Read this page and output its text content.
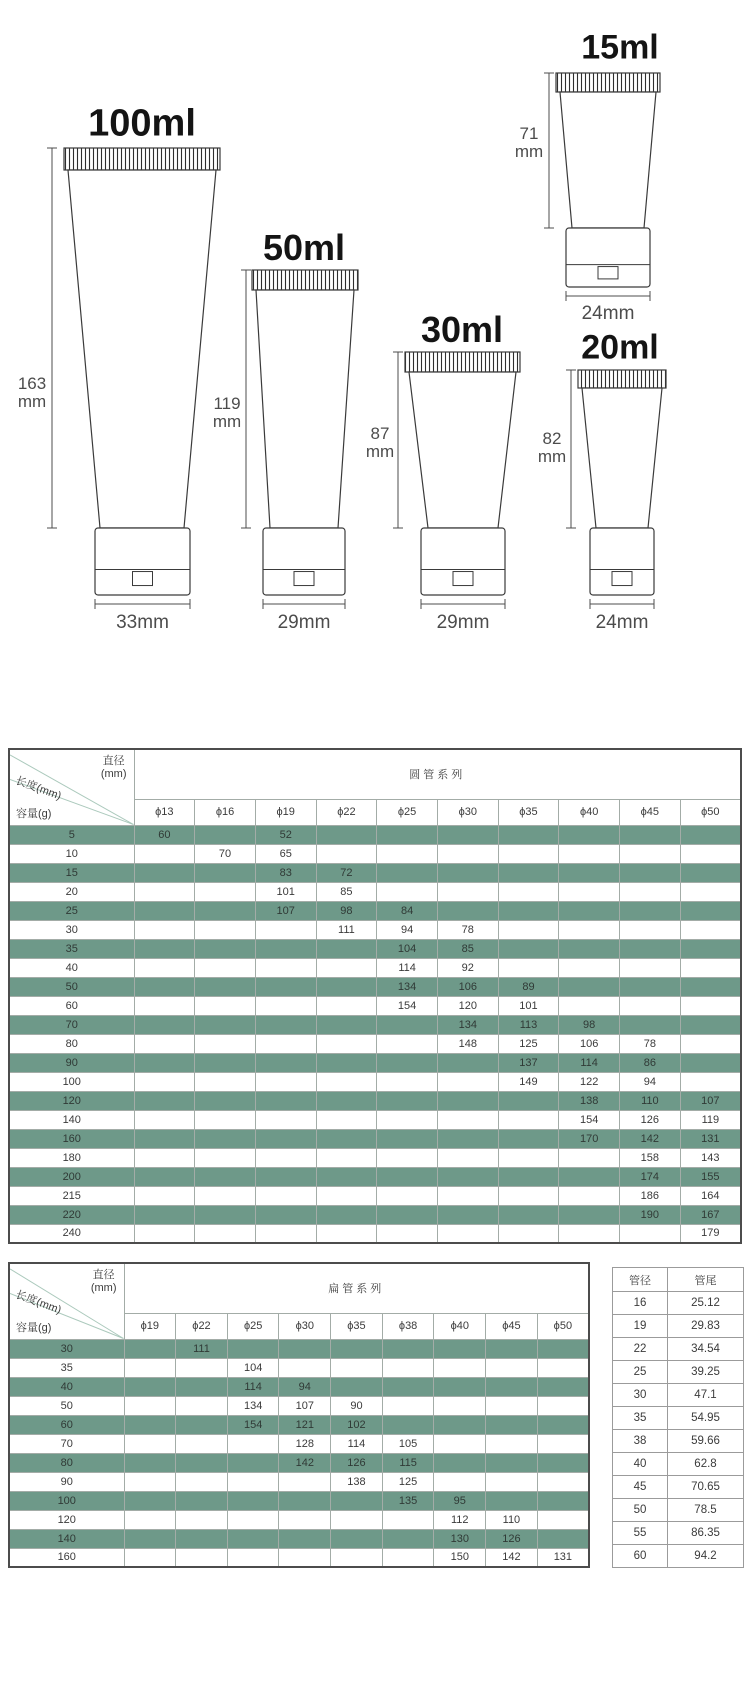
100ml
163
mm
33mm
50ml
119
mm
29mm
30ml
87
mm
29mm
15ml
71
mm
24mm
20ml
82
mm
24mm
直径
(mm)
长度(mm)
容量(g)	圆管系列									
	ϕ13	ϕ16	ϕ19	ϕ22	ϕ25	ϕ30	ϕ35	ϕ40	ϕ45	ϕ50
5	60		52							
10		70	65							
15			83	72						
20			101	85						
25			107	98	84					
30				111	94	78				
35					104	85				
40					114	92				
50					134	106	89			
60					154	120	101			
70						134	113	98		
80						148	125	106	78	
90							137	114	86	
100							149	122	94	
120								138	110	107
140								154	126	119
160								170	142	131
180									158	143
200									174	155
215									186	164
220									190	167
240										179
直径
(mm)
长度(mm)
容量(g)	扁管系列								
	ϕ19	ϕ22	ϕ25	ϕ30	ϕ35	ϕ38	ϕ40	ϕ45	ϕ50
30		111							
35			104						
40			114	94					
50			134	107	90				
60			154	121	102				
70				128	114	105			
80				142	126	115			
90					138	125			
100						135	95		
120							112	110	
140							130	126	
160							150	142	131
管径	管尾
16	25.12
19	29.83
22	34.54
25	39.25
30	47.1
35	54.95
38	59.66
40	62.8
45	70.65
50	78.5
55	86.35
60	94.2
